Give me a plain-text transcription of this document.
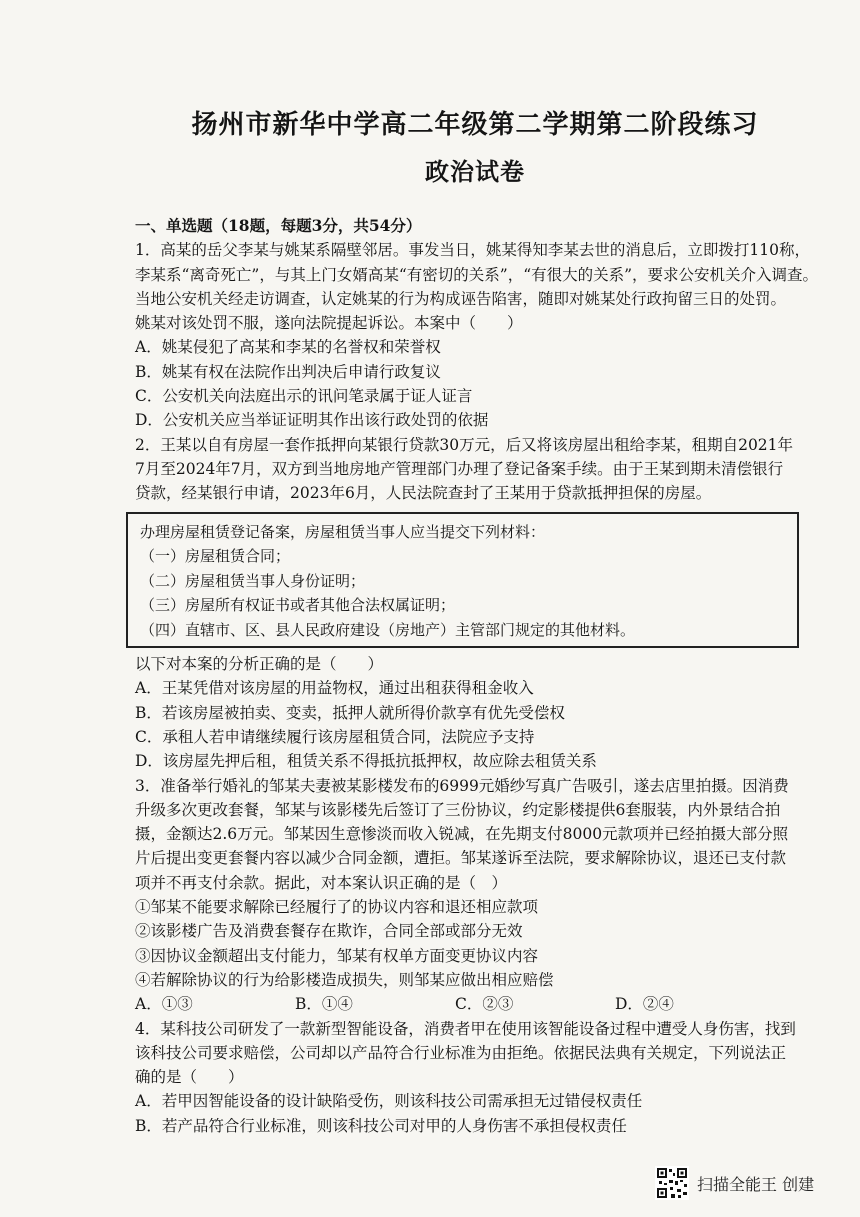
扬州市新华中学高二年级第二学期第二阶段练习
政治试卷
一、单选题（18题，每题3分，共54分）
1．高某的岳父李某与姚某系隔壁邻居。事发当日，姚某得知李某去世的消息后，立即拨打110称，
李某系“离奇死亡”，与其上门女婿高某“有密切的关系”，“有很大的关系”，要求公安机关介入调查。
当地公安机关经走访调查，认定姚某的行为构成诬告陷害，随即对姚某处行政拘留三日的处罚。
姚某对该处罚不服，遂向法院提起诉讼。本案中（　　）
A．姚某侵犯了高某和李某的名誉权和荣誉权
B．姚某有权在法院作出判决后申请行政复议
C．公安机关向法庭出示的讯问笔录属于证人证言
D．公安机关应当举证证明其作出该行政处罚的依据
2．王某以自有房屋一套作抵押向某银行贷款30万元，后又将该房屋出租给李某，租期自2021年
7月至2024年7月，双方到当地房地产管理部门办理了登记备案手续。由于王某到期未清偿银行
贷款，经某银行申请，2023年6月，人民法院查封了王某用于贷款抵押担保的房屋。
办理房屋租赁登记备案，房屋租赁当事人应当提交下列材料：
（一）房屋租赁合同；
（二）房屋租赁当事人身份证明；
（三）房屋所有权证书或者其他合法权属证明；
（四）直辖市、区、县人民政府建设（房地产）主管部门规定的其他材料。
以下对本案的分析正确的是（　　）
A．王某凭借对该房屋的用益物权，通过出租获得租金收入
B．若该房屋被拍卖、变卖，抵押人就所得价款享有优先受偿权
C．承租人若申请继续履行该房屋租赁合同，法院应予支持
D．该房屋先押后租，租赁关系不得抵抗抵押权，故应除去租赁关系
3．准备举行婚礼的邹某夫妻被某影楼发布的6999元婚纱写真广告吸引，遂去店里拍摄。因消费
升级多次更改套餐，邹某与该影楼先后签订了三份协议，约定影楼提供6套服装，内外景结合拍
摄，金额达2.6万元。邹某因生意惨淡而收入锐减，在先期支付8000元款项并已经拍摄大部分照
片后提出变更套餐内容以减少合同金额，遭拒。邹某遂诉至法院，要求解除协议，退还已支付款
项并不再支付余款。据此，对本案认识正确的是（　）
①邹某不能要求解除已经履行了的协议内容和退还相应款项
②该影楼广告及消费套餐存在欺诈，合同全部或部分无效
③因协议金额超出支付能力，邹某有权单方面变更协议内容
④若解除协议的行为给影楼造成损失，则邹某应做出相应赔偿
A．①③	B．①④	C．②③	D．②④
4．某科技公司研发了一款新型智能设备，消费者甲在使用该智能设备过程中遭受人身伤害，找到
该科技公司要求赔偿，公司却以产品符合行业标准为由拒绝。依据民法典有关规定，下列说法正
确的是（　　）
A．若甲因智能设备的设计缺陷受伤，则该科技公司需承担无过错侵权责任
B．若产品符合行业标准，则该科技公司对甲的人身伤害不承担侵权责任
扫描全能王 创建
